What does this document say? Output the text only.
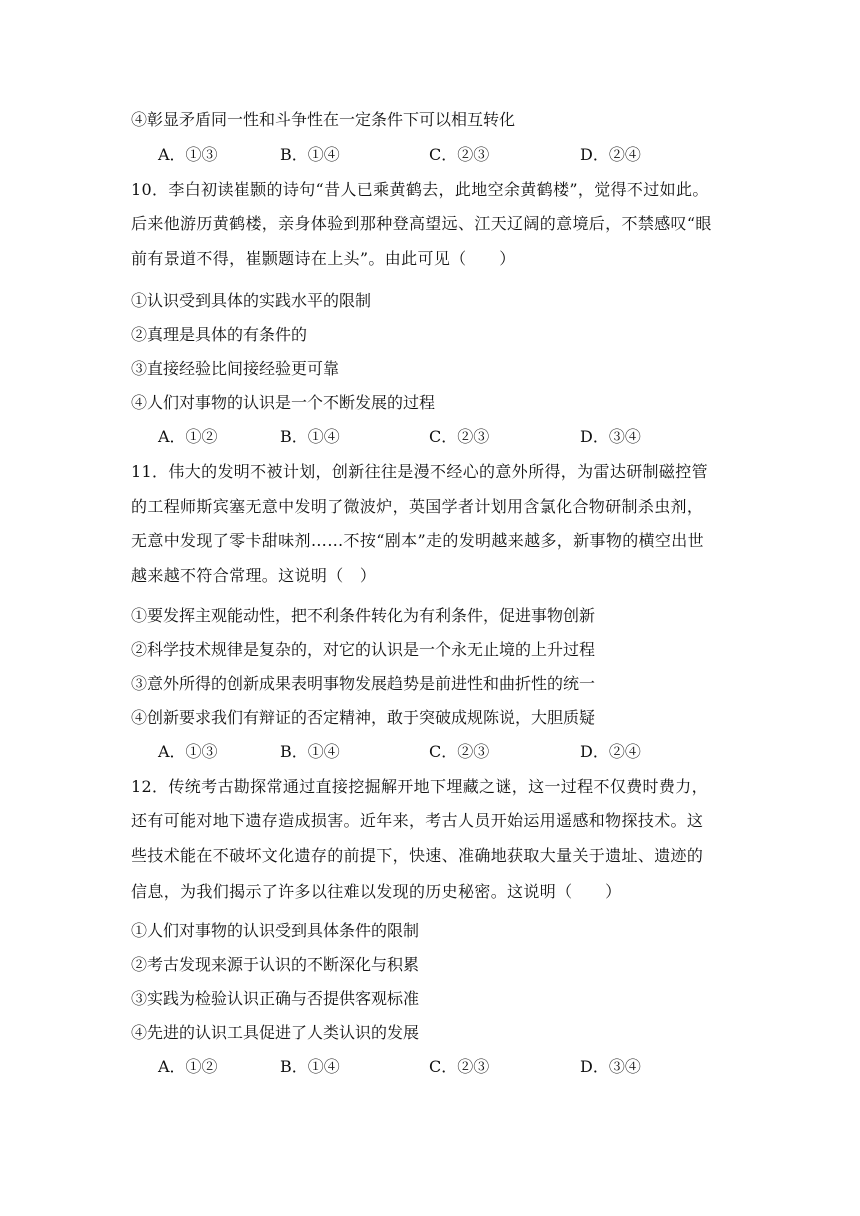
④彰显矛盾同一性和斗争性在一定条件下可以相互转化
A．①③	B．①④	C．②③	D．②④
10．李白初读崔颢的诗句“昔人已乘黄鹤去，此地空余黄鹤楼”，觉得不过如此。
后来他游历黄鹤楼，亲身体验到那种登高望远、江天辽阔的意境后，不禁感叹“眼
前有景道不得，崔颢题诗在上头”。由此可见（　　）
①认识受到具体的实践水平的限制
②真理是具体的有条件的
③直接经验比间接经验更可靠
④人们对事物的认识是一个不断发展的过程
A．①②	B．①④	C．②③	D．③④
11．伟大的发明不被计划，创新往往是漫不经心的意外所得，为雷达研制磁控管
的工程师斯宾塞无意中发明了微波炉，英国学者计划用含氯化合物研制杀虫剂，
无意中发现了零卡甜味剂……不按“剧本”走的发明越来越多，新事物的横空出世
越来越不符合常理。这说明（　）
①要发挥主观能动性，把不利条件转化为有利条件，促进事物创新
②科学技术规律是复杂的，对它的认识是一个永无止境的上升过程
③意外所得的创新成果表明事物发展趋势是前进性和曲折性的统一
④创新要求我们有辩证的否定精神，敢于突破成规陈说，大胆质疑
A．①③	B．①④	C．②③	D．②④
12．传统考古勘探常通过直接挖掘解开地下埋藏之谜，这一过程不仅费时费力，
还有可能对地下遗存造成损害。近年来，考古人员开始运用遥感和物探技术。这
些技术能在不破坏文化遗存的前提下，快速、准确地获取大量关于遗址、遗迹的
信息，为我们揭示了许多以往难以发现的历史秘密。这说明（　　）
①人们对事物的认识受到具体条件的限制
②考古发现来源于认识的不断深化与积累
③实践为检验认识正确与否提供客观标准
④先进的认识工具促进了人类认识的发展
A．①②	B．①④	C．②③	D．③④
